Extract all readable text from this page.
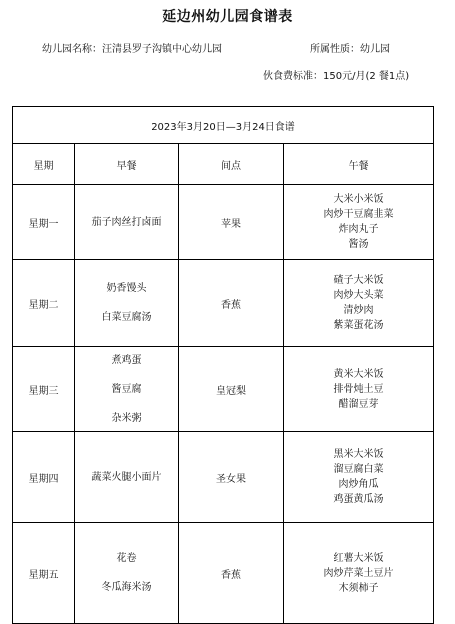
延边州幼儿园食谱表
幼儿园名称：汪清县罗子沟镇中心幼儿园	所属性质：幼儿园
伙食费标准：150元/月(2 餐1点)
2023年3月20日—3月24日食谱			
星期	早餐	间点	午餐
星期一	茄子肉丝打卤面	苹果	大米小米饭
肉炒干豆腐韭菜
炸肉丸子
酱汤

星期二	奶香馒头
白菜豆腐汤	香蕉	碴子大米饭
肉炒大头菜
清炒肉
紫菜蛋花汤

星期三	煮鸡蛋
酱豆腐
杂米粥	皇冠梨	黄米大米饭
排骨炖土豆
醋溜豆芽

星期四	蔬菜火腿小面片	圣女果	黑米大米饭
溜豆腐白菜
肉炒角瓜
鸡蛋黄瓜汤

星期五	花卷
冬瓜海米汤	香蕉	红薯大米饭
肉炒芹菜土豆片
木须柿子
